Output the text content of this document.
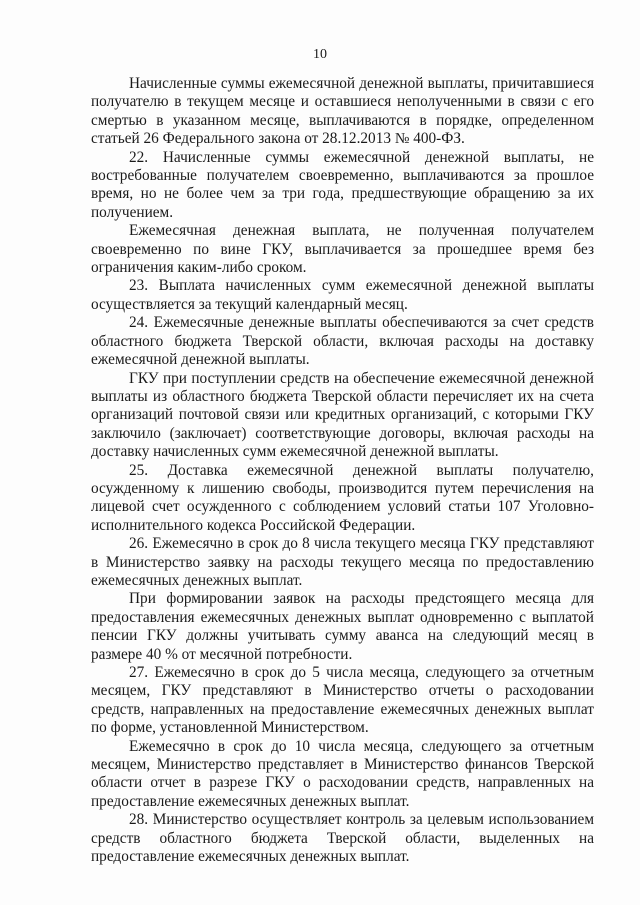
10

Начисленные суммы ежемесячной денежной выплаты, причитавшиеся получателю в текущем месяце и оставшиеся неполученными в связи с его смертью в указанном месяце, выплачиваются в порядке, определенном статьей 26 Федерального закона от 28.12.2013 № 400-ФЗ.

22. Начисленные суммы ежемесячной денежной выплаты, не востребованные получателем своевременно, выплачиваются за прошлое время, но не более чем за три года, предшествующие обращению за их получением.

Ежемесячная денежная выплата, не полученная получателем своевременно по вине ГКУ, выплачивается за прошедшее время без ограничения каким-либо сроком.

23. Выплата начисленных сумм ежемесячной денежной выплаты осуществляется за текущий календарный месяц.

24. Ежемесячные денежные выплаты обеспечиваются за счет средств областного бюджета Тверской области, включая расходы на доставку ежемесячной денежной выплаты.

ГКУ при поступлении средств на обеспечение ежемесячной денежной выплаты из областного бюджета Тверской области перечисляет их на счета организаций почтовой связи или кредитных организаций, с которыми ГКУ заключило (заключает) соответствующие договоры, включая расходы на доставку начисленных сумм ежемесячной денежной выплаты.

25. Доставка ежемесячной денежной выплаты получателю, осужденному к лишению свободы, производится путем перечисления на лицевой счет осужденного с соблюдением условий статьи 107 Уголовно-исполнительного кодекса Российской Федерации.

26. Ежемесячно в срок до 8 числа текущего месяца ГКУ представляют в Министерство заявку на расходы текущего месяца по предоставлению ежемесячных денежных выплат.

При формировании заявок на расходы предстоящего месяца для предоставления ежемесячных денежных выплат одновременно с выплатой пенсии ГКУ должны учитывать сумму аванса на следующий месяц в размере 40 % от месячной потребности.

27. Ежемесячно в срок до 5 числа месяца, следующего за отчетным месяцем, ГКУ представляют в Министерство отчеты о расходовании средств, направленных на предоставление ежемесячных денежных выплат по форме, установленной Министерством.

Ежемесячно в срок до 10 числа месяца, следующего за отчетным месяцем, Министерство представляет в Министерство финансов Тверской области отчет в разрезе ГКУ о расходовании средств, направленных на предоставление ежемесячных денежных выплат.

28. Министерство осуществляет контроль за целевым использованием средств областного бюджета Тверской области, выделенных на предоставление ежемесячных денежных выплат.
